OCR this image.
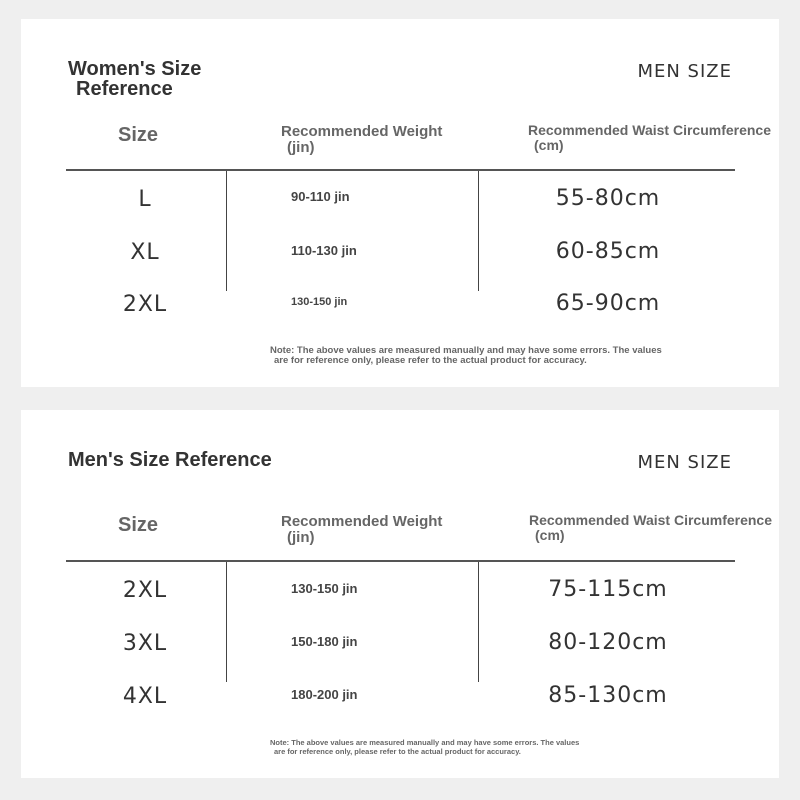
Women's Size
Reference
MEN SIZE
Size	Recommended Weight
(jin)
Recommended Waist Circumference
(cm)
L	90-110 jin	55-80cm
XL	110-130 jin	60-85cm
2XL	130-150 jin	65-90cm

Note: The above values are measured manually and may have some errors. The values
are for reference only, please refer to the actual product for accuracy.

Men's Size Reference	MEN SIZE
Size	Recommended Weight
(jin)
Recommended Waist Circumference
(cm)
2XL	130-150 jin	75-115cm
3XL	150-180 jin	80-120cm
4XL	180-200 jin	85-130cm

Note: The above values are measured manually and may have some errors. The values
are for reference only, please refer to the actual product for accuracy.
